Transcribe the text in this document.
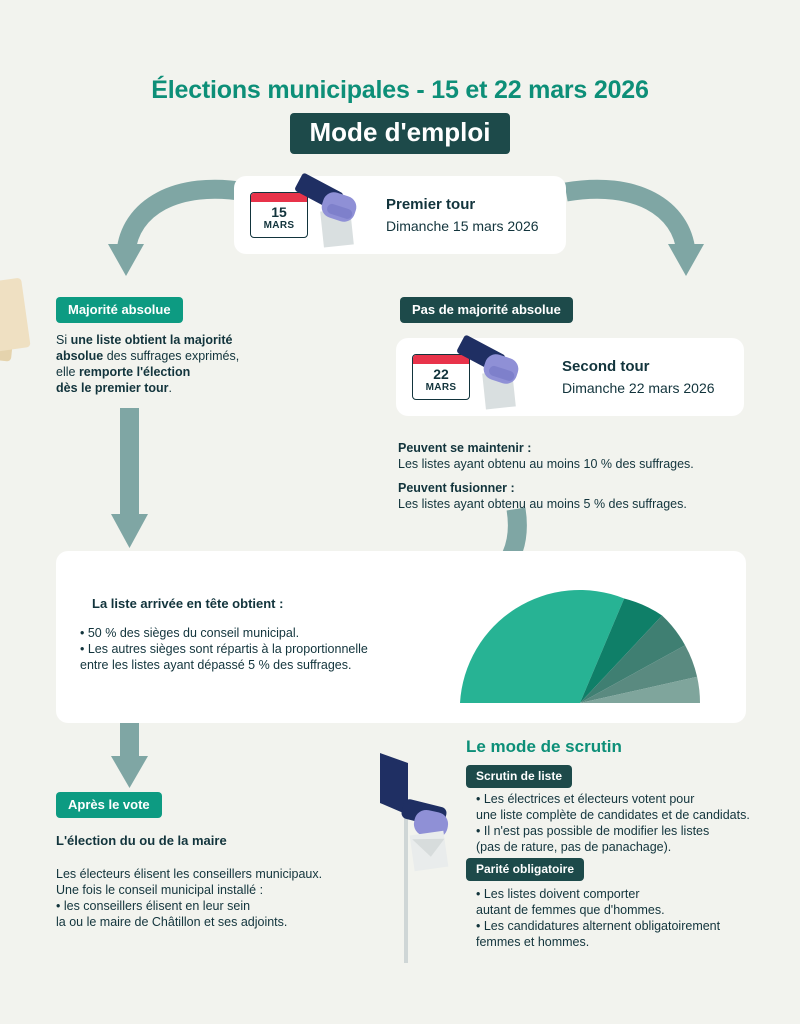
Élections municipales - 15 et 22 mars 2026
Mode d'emploi
15
MARS
Premier tour
Dimanche 15 mars 2026
Majorité absolue
Si une liste obtient la majorité
absolue des suffrages exprimés,
elle remporte l'élection
dès le premier tour.
Pas de majorité absolue
22
MARS
Second tour
Dimanche 22 mars 2026
Peuvent se maintenir :
Les listes ayant obtenu au moins 10 % des suffrages.
Peuvent fusionner :
Les listes ayant obtenu au moins 5 % des suffrages.
La liste arrivée en tête obtient :
• 50 % des sièges du conseil municipal.
• Les autres sièges sont répartis à la proportionnelle
entre les listes ayant dépassé 5 % des suffrages.
Après le vote
L'élection du ou de la maire
Les électeurs élisent les conseillers municipaux.
Une fois le conseil municipal installé :
• les conseillers élisent en leur sein
la ou le maire de Châtillon et ses adjoints.
Le mode de scrutin
Scrutin de liste
• Les électrices et électeurs votent pour
une liste complète de candidates et de candidats.
• Il n'est pas possible de modifier les listes
(pas de rature, pas de panachage).
Parité obligatoire
• Les listes doivent comporter
autant de femmes que d'hommes.
• Les candidatures alternent obligatoirement
femmes et hommes.
